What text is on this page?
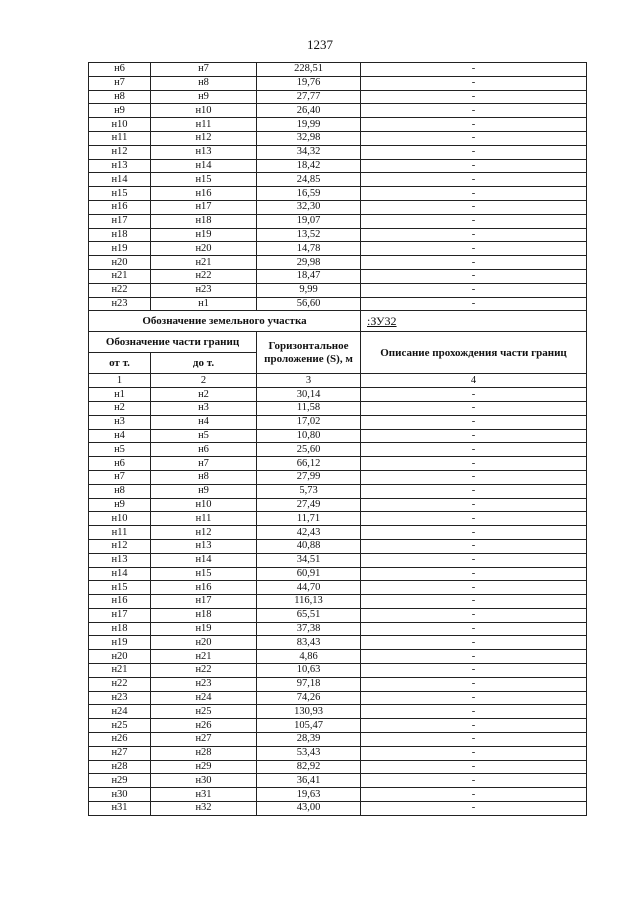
1237
н6	н7	228,51	-
н7	н8	19,76	-
н8	н9	27,77	-
н9	н10	26,40	-
н10	н11	19,99	-
н11	н12	32,98	-
н12	н13	34,32	-
н13	н14	18,42	-
н14	н15	24,85	-
н15	н16	16,59	-
н16	н17	32,30	-
н17	н18	19,07	-
н18	н19	13,52	-
н19	н20	14,78	-
н20	н21	29,98	-
н21	н22	18,47	-
н22	н23	9,99	-
н23	н1	56,60	-
Обозначение земельного участка			:ЗУ32
Обозначение части границ		Горизонтальное проложение (S), м	Описание прохождения части границ
от т.	до т.		
1	2	3	4
н1	н2	30,14	-
н2	н3	11,58	-
н3	н4	17,02	-
н4	н5	10,80	-
н5	н6	25,60	-
н6	н7	66,12	-
н7	н8	27,99	-
н8	н9	5,73	-
н9	н10	27,49	-
н10	н11	11,71	-
н11	н12	42,43	-
н12	н13	40,88	-
н13	н14	34,51	-
н14	н15	60,91	-
н15	н16	44,70	-
н16	н17	116,13	-
н17	н18	65,51	-
н18	н19	37,38	-
н19	н20	83,43	-
н20	н21	4,86	-
н21	н22	10,63	-
н22	н23	97,18	-
н23	н24	74,26	-
н24	н25	130,93	-
н25	н26	105,47	-
н26	н27	28,39	-
н27	н28	53,43	-
н28	н29	82,92	-
н29	н30	36,41	-
н30	н31	19,63	-
н31	н32	43,00	-
